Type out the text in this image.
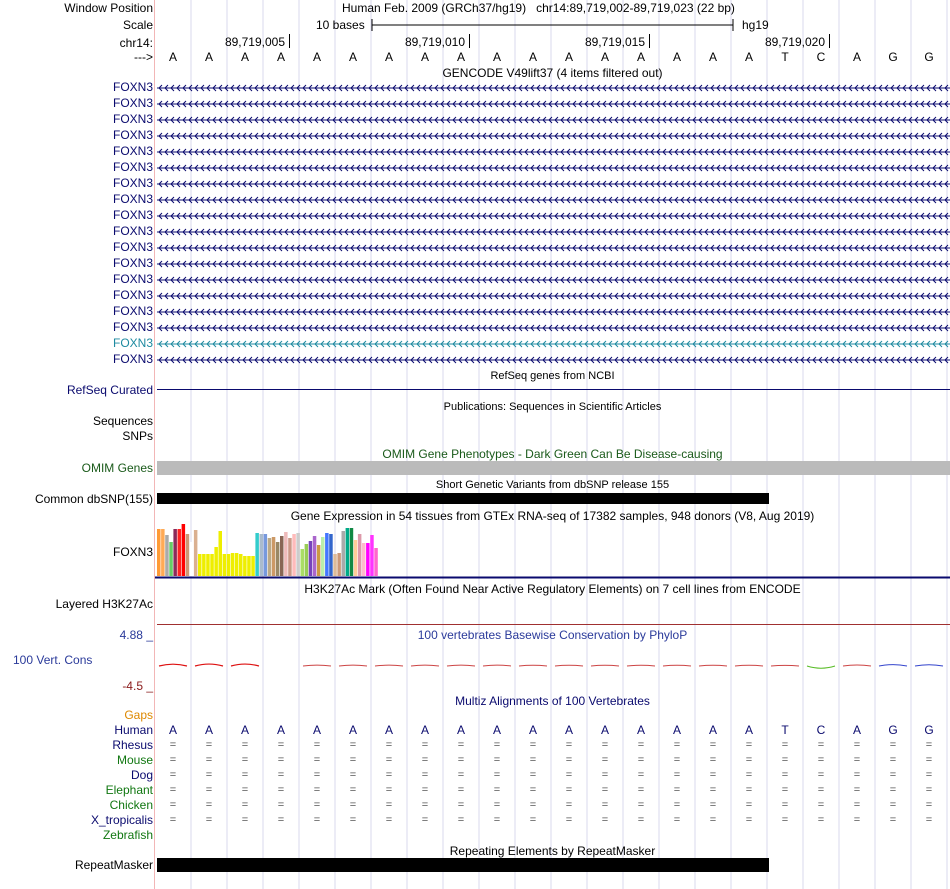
Window Position
Scale
chr14:
--->
Human Feb. 2009 (GRCh37/hg19)   chr14:89,719,002-89,719,023 (22 bp)
10 bases	hg19
89,719,005	89,719,010	89,719,015	89,719,020
A	A	A	A	A	A	A	A	A	A	A	A	A	A	A	A	A	T	C	A	G	G
GENCODE V49lift37 (4 items filtered out)
FOXN3
FOXN3
FOXN3
FOXN3
FOXN3
FOXN3
FOXN3
FOXN3
FOXN3
FOXN3
FOXN3
FOXN3
FOXN3
FOXN3
FOXN3
FOXN3
FOXN3
FOXN3
RefSeq genes from NCBI
RefSeq Curated
Publications: Sequences in Scientific Articles
Sequences
SNPs
OMIM Gene Phenotypes - Dark Green Can Be Disease-causing
OMIM Genes
Short Genetic Variants from dbSNP release 155
Common dbSNP(155)
Gene Expression in 54 tissues from GTEx RNA-seq of 17382 samples, 948 donors (V8, Aug 2019)
FOXN3
H3K27Ac Mark (Often Found Near Active Regulatory Elements) on 7 cell lines from ENCODE
Layered H3K27Ac
100 vertebrates Basewise Conservation by PhyloP
4.88 _
100 Vert. Cons
-4.5 _
Multiz Alignments of 100 Vertebrates
Gaps
Human	A	A	A	A	A	A	A	A	A	A	A	A	A	A	A	A	A	T	C	A	G	G
Rhesus	=	=	=	=	=	=	=	=	=	=	=	=	=	=	=	=	=	=	=	=	=	=
Mouse	=	=	=	=	=	=	=	=	=	=	=	=	=	=	=	=	=	=	=	=	=	=
Dog	=	=	=	=	=	=	=	=	=	=	=	=	=	=	=	=	=	=	=	=	=	=
Elephant	=	=	=	=	=	=	=	=	=	=	=	=	=	=	=	=	=	=	=	=	=	=
Chicken	=	=	=	=	=	=	=	=	=	=	=	=	=	=	=	=	=	=	=	=	=	=
X_tropicalis	=	=	=	=	=	=	=	=	=	=	=	=	=	=	=	=	=	=	=	=	=	=
Zebrafish
Repeating Elements by RepeatMasker
RepeatMasker
